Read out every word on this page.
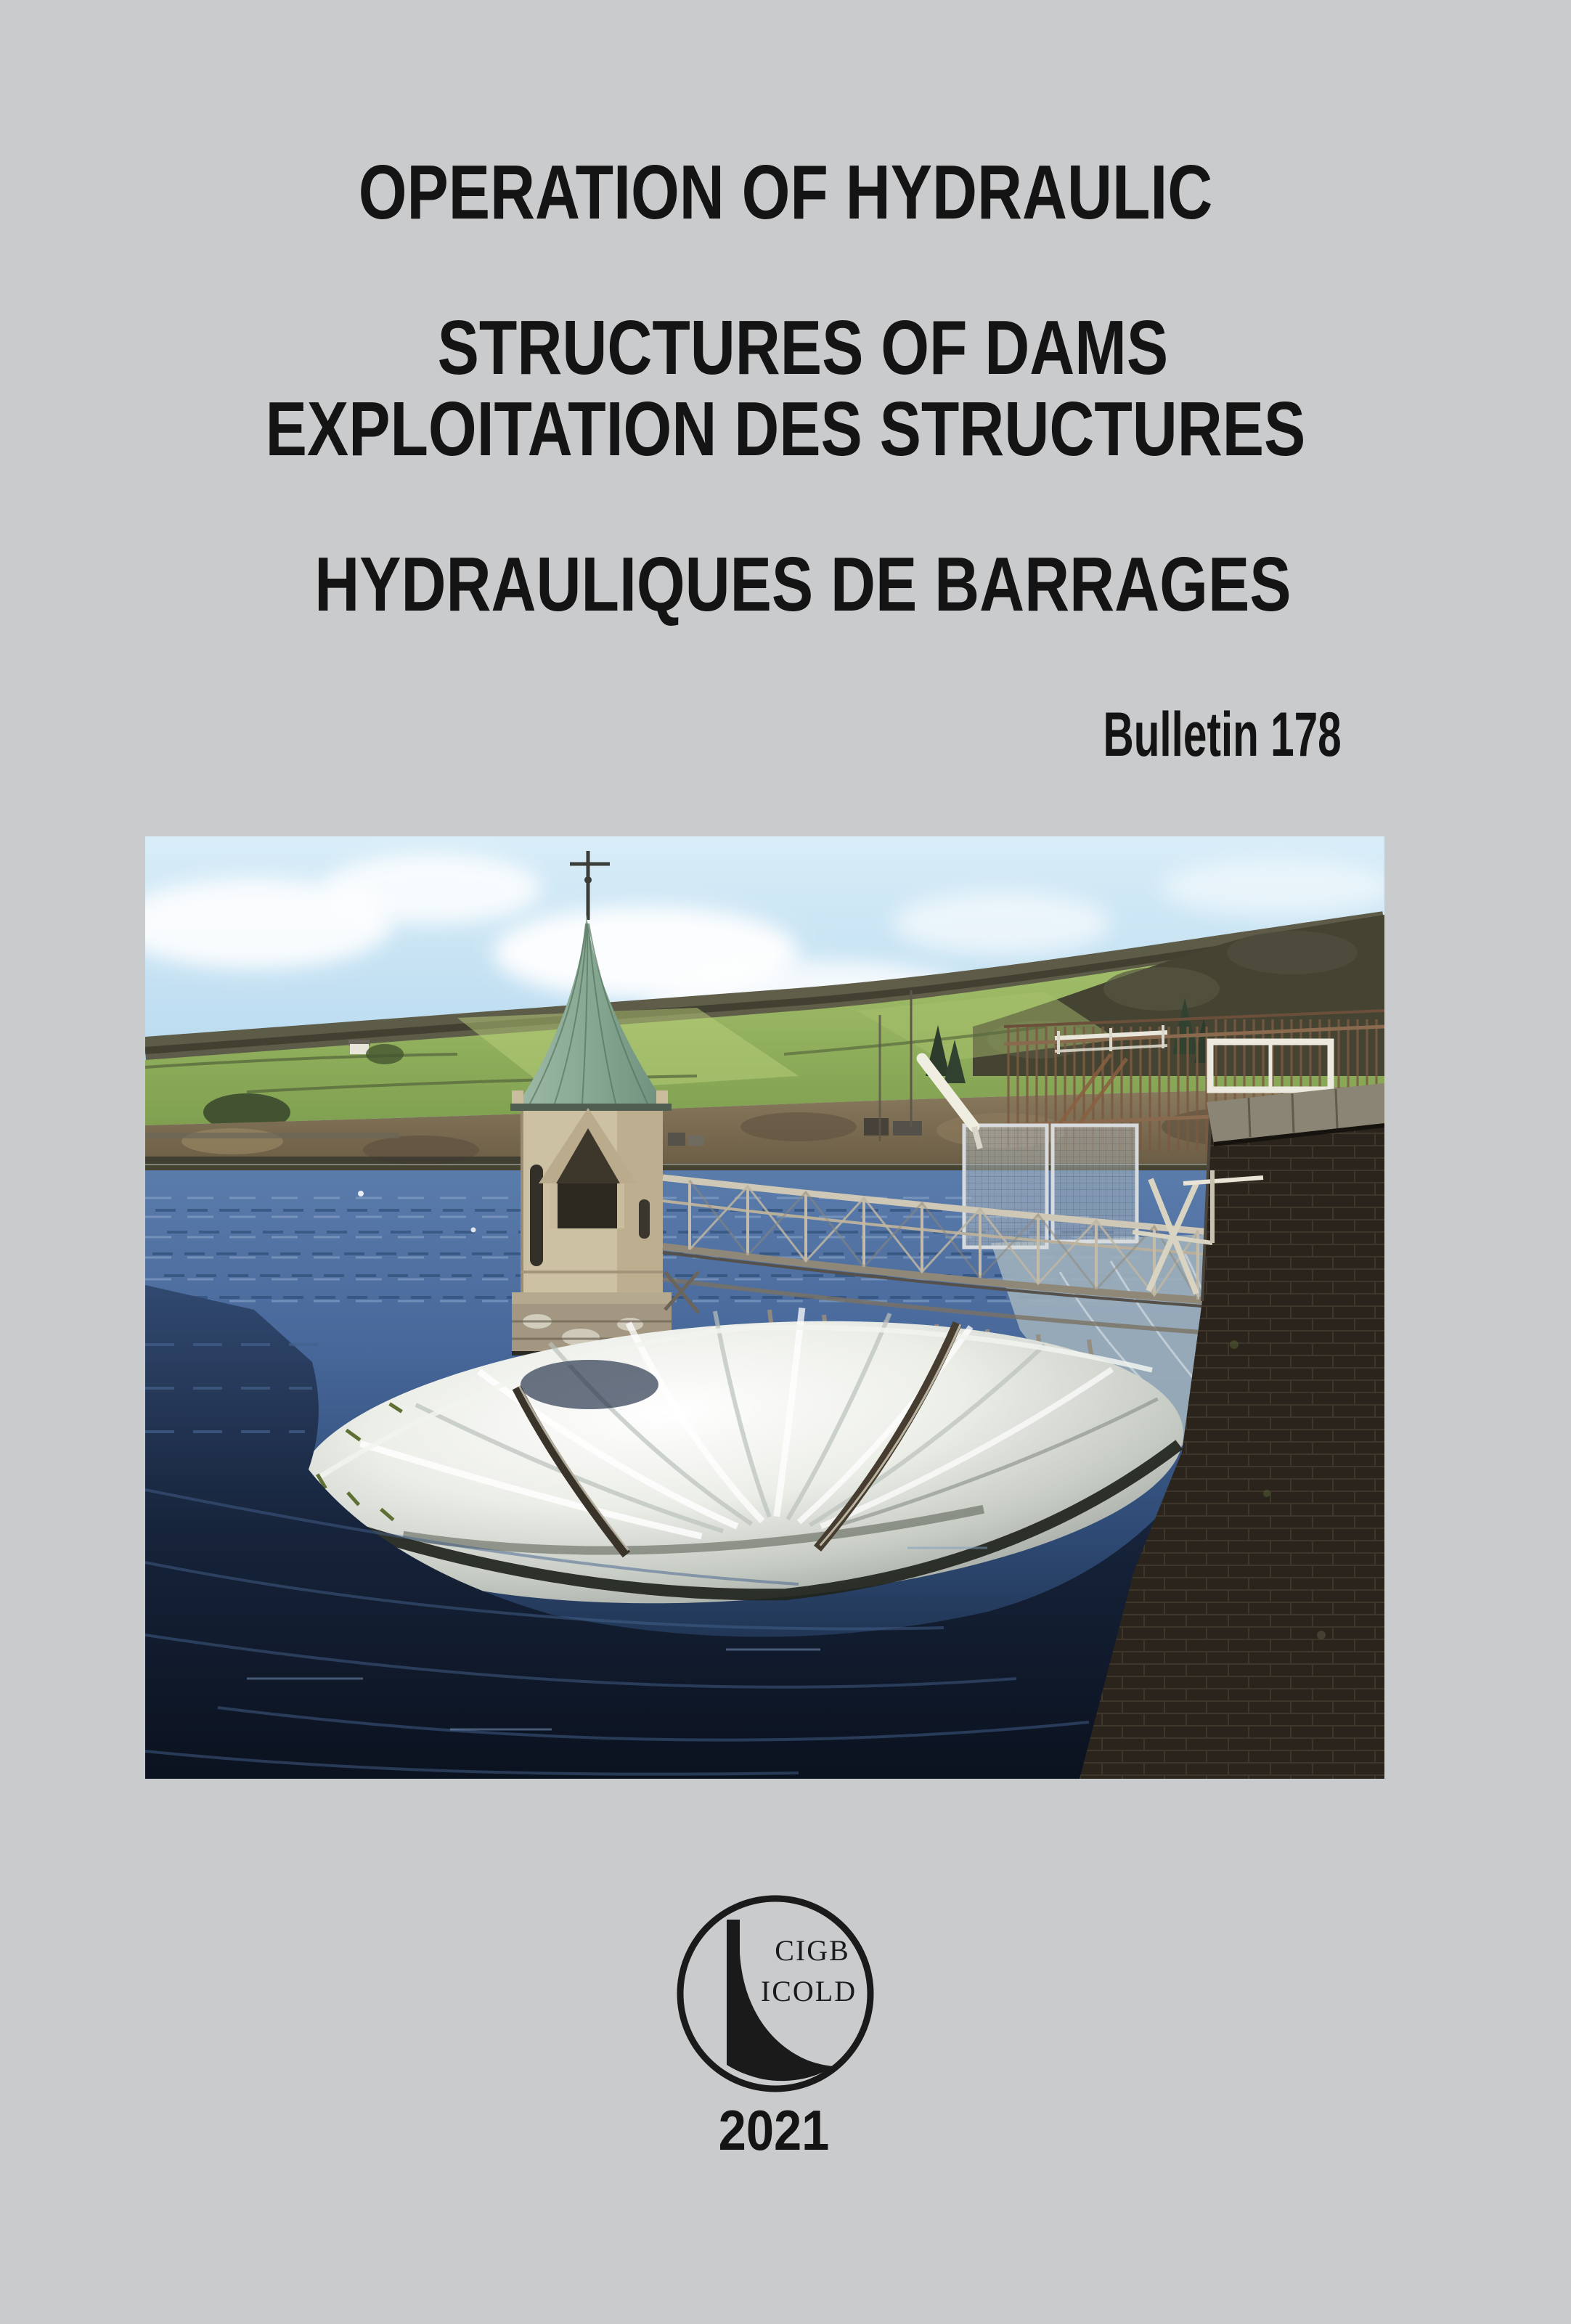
OPERATION OF HYDRAULIC

STRUCTURES OF DAMS
EXPLOITATION DES STRUCTURES

HYDRAULIQUES DE BARRAGES
Bulletin 178
CIGB
ICOLD
2021
